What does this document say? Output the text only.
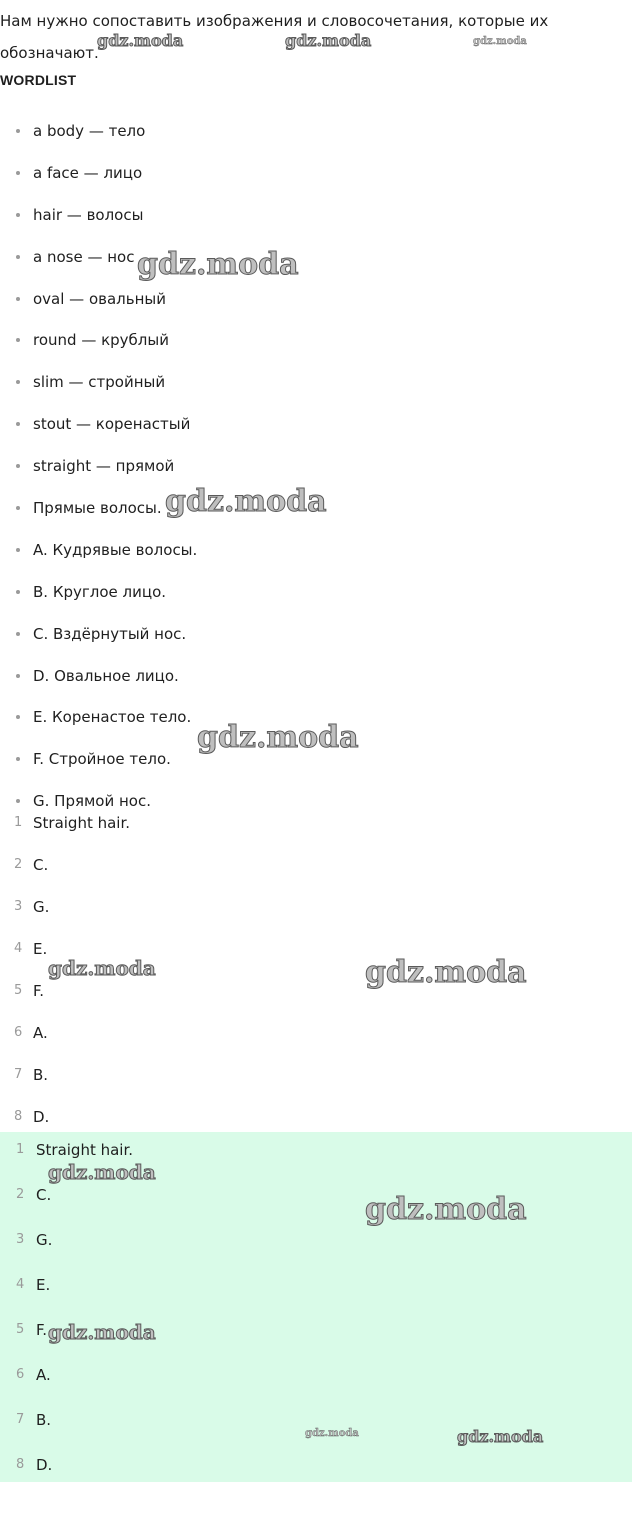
Нам нужно сопоставить изображения и словосочетания, которые их обозначают.

WORDLIST
a body — тело
a face — лицо
hair — волосы
a nose — нос
oval — овальный
round — крублый
slim — стройный
stout — коренастый
straight — прямой
Прямые волосы.
A. Кудрявые волосы.
B. Круглое лицо.
C. Вздёрнутый нос.
D. Овальное лицо.
E. Коренастое тело.
F. Стройное тело.
G. Прямой нос.
1 Straight hair.
2 C.
3 G.
4 E.
5 F.
6 A.
7 B.
8 D.
1 Straight hair.
2 C.
3 G.
4 E.
5 F.
6 A.
7 B.
8 D.
gdz.moda	gdz.moda	gdz.moda
gdz.moda
gdz.moda
gdz.moda
gdz.moda	gdz.moda
gdz.moda
gdz.moda
gdz.moda
gdz.moda	gdz.moda
